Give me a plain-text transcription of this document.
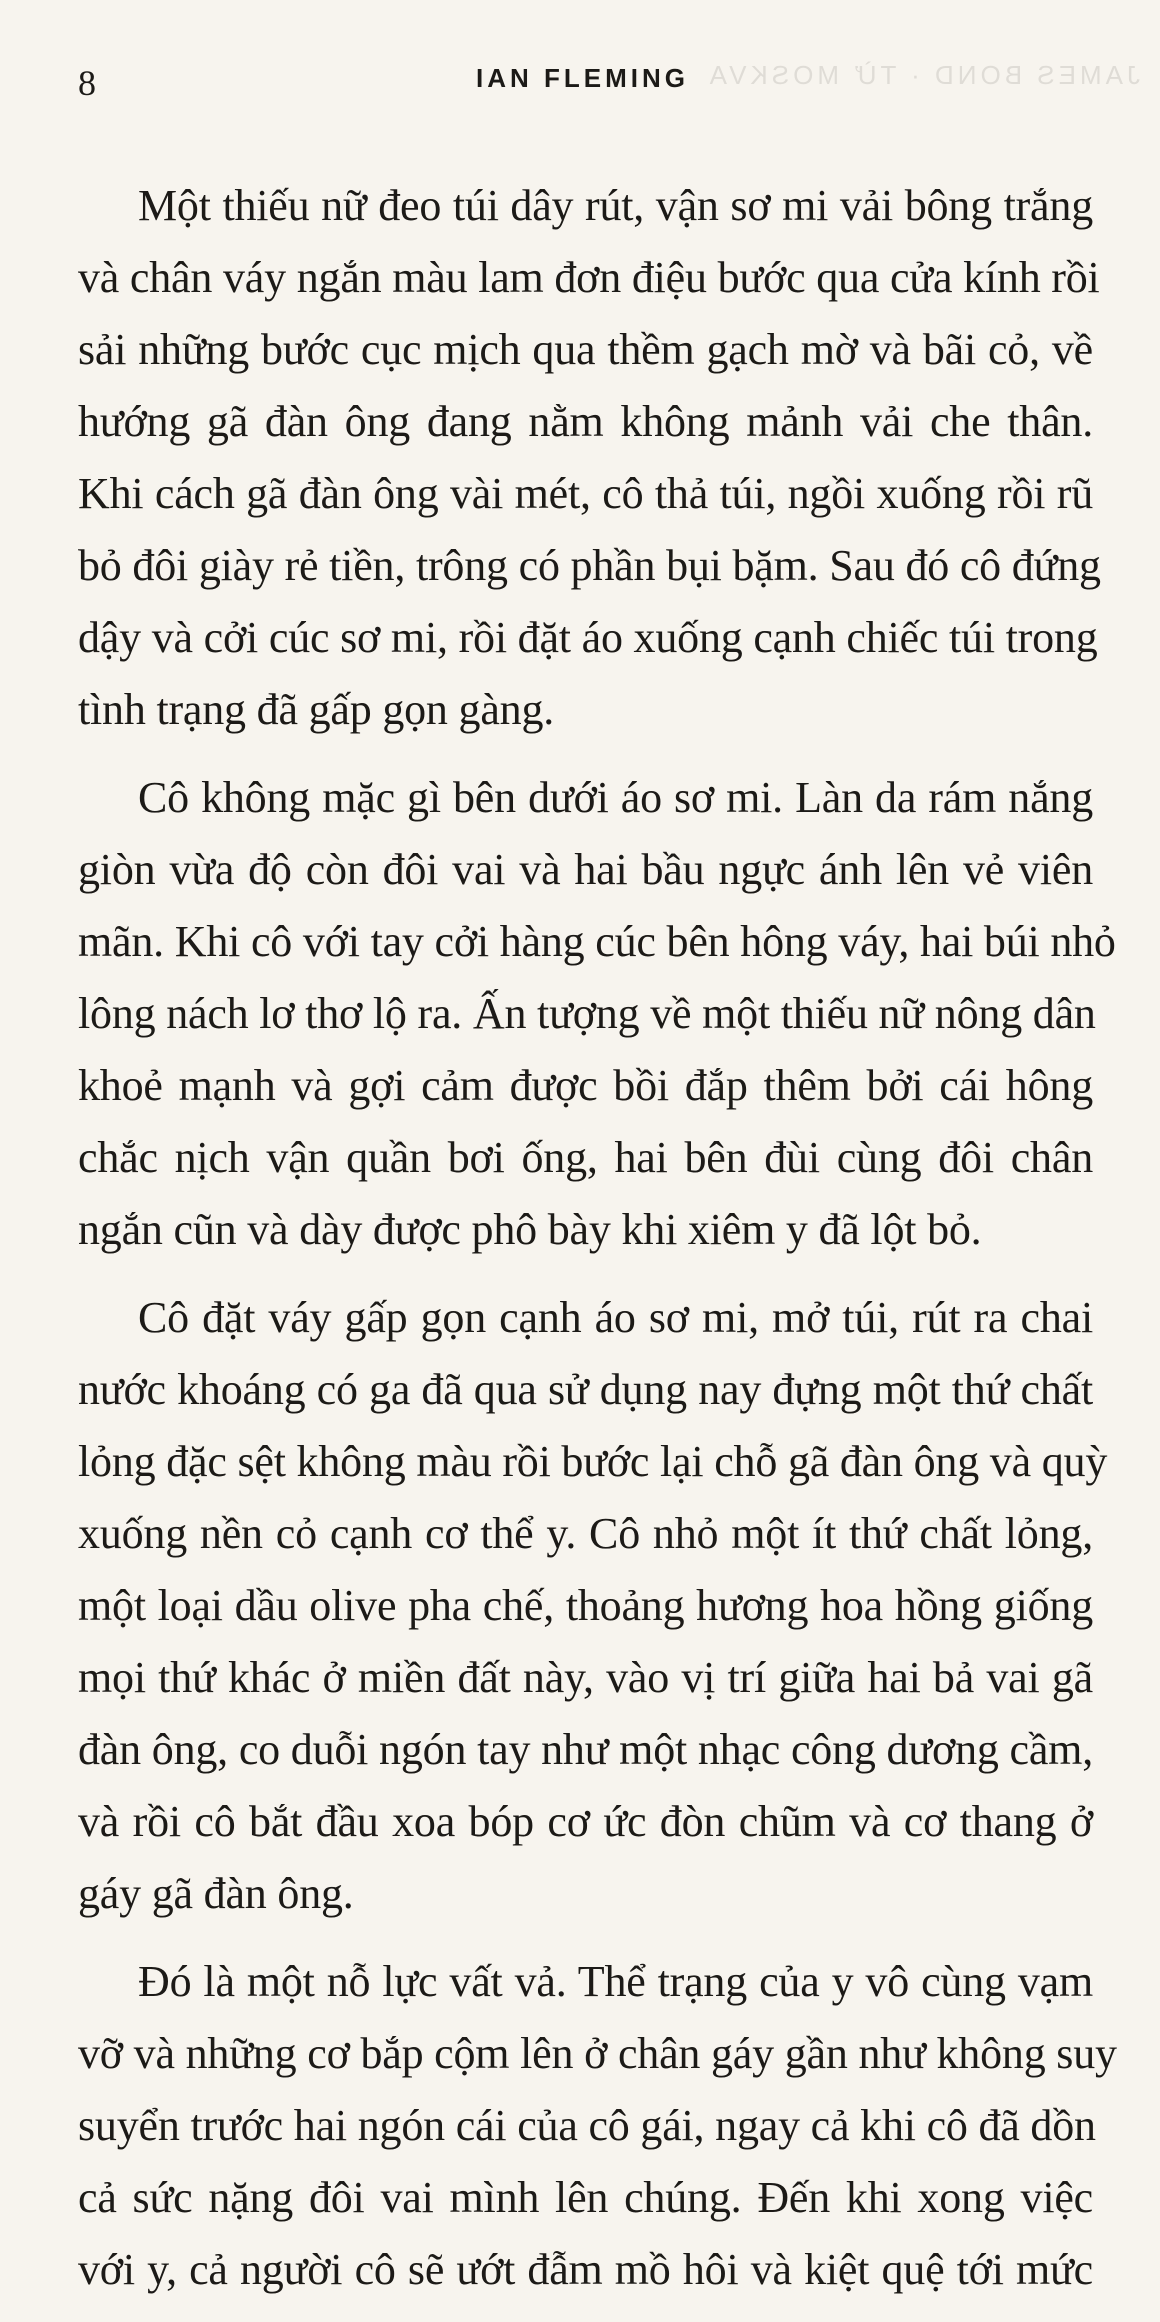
JAMES BOND · TỪ MOSKVA
8	IAN FLEMING

Một thiếu nữ đeo túi dây rút, vận sơ mi vải bông trắng
và chân váy ngắn màu lam đơn điệu bước qua cửa kính rồi
sải những bước cục mịch qua thềm gạch mờ và bãi cỏ, về
hướng gã đàn ông đang nằm không mảnh vải che thân.
Khi cách gã đàn ông vài mét, cô thả túi, ngồi xuống rồi rũ
bỏ đôi giày rẻ tiền, trông có phần bụi bặm. Sau đó cô đứng
dậy và cởi cúc sơ mi, rồi đặt áo xuống cạnh chiếc túi trong
tình trạng đã gấp gọn gàng.

Cô không mặc gì bên dưới áo sơ mi. Làn da rám nắng
giòn vừa độ còn đôi vai và hai bầu ngực ánh lên vẻ viên
mãn. Khi cô với tay cởi hàng cúc bên hông váy, hai búi nhỏ
lông nách lơ thơ lộ ra. Ấn tượng về một thiếu nữ nông dân
khoẻ mạnh và gợi cảm được bồi đắp thêm bởi cái hông
chắc nịch vận quần bơi ống, hai bên đùi cùng đôi chân
ngắn cũn và dày được phô bày khi xiêm y đã lột bỏ.

Cô đặt váy gấp gọn cạnh áo sơ mi, mở túi, rút ra chai
nước khoáng có ga đã qua sử dụng nay đựng một thứ chất
lỏng đặc sệt không màu rồi bước lại chỗ gã đàn ông và quỳ
xuống nền cỏ cạnh cơ thể y. Cô nhỏ một ít thứ chất lỏng,
một loại dầu olive pha chế, thoảng hương hoa hồng giống
mọi thứ khác ở miền đất này, vào vị trí giữa hai bả vai gã
đàn ông, co duỗi ngón tay như một nhạc công dương cầm,
và rồi cô bắt đầu xoa bóp cơ ức đòn chũm và cơ thang ở
gáy gã đàn ông.

Đó là một nỗ lực vất vả. Thể trạng của y vô cùng vạm
vỡ và những cơ bắp cộm lên ở chân gáy gần như không suy
suyển trước hai ngón cái của cô gái, ngay cả khi cô đã dồn
cả sức nặng đôi vai mình lên chúng. Đến khi xong việc
với y, cả người cô sẽ ướt đẫm mồ hôi và kiệt quệ tới mức
